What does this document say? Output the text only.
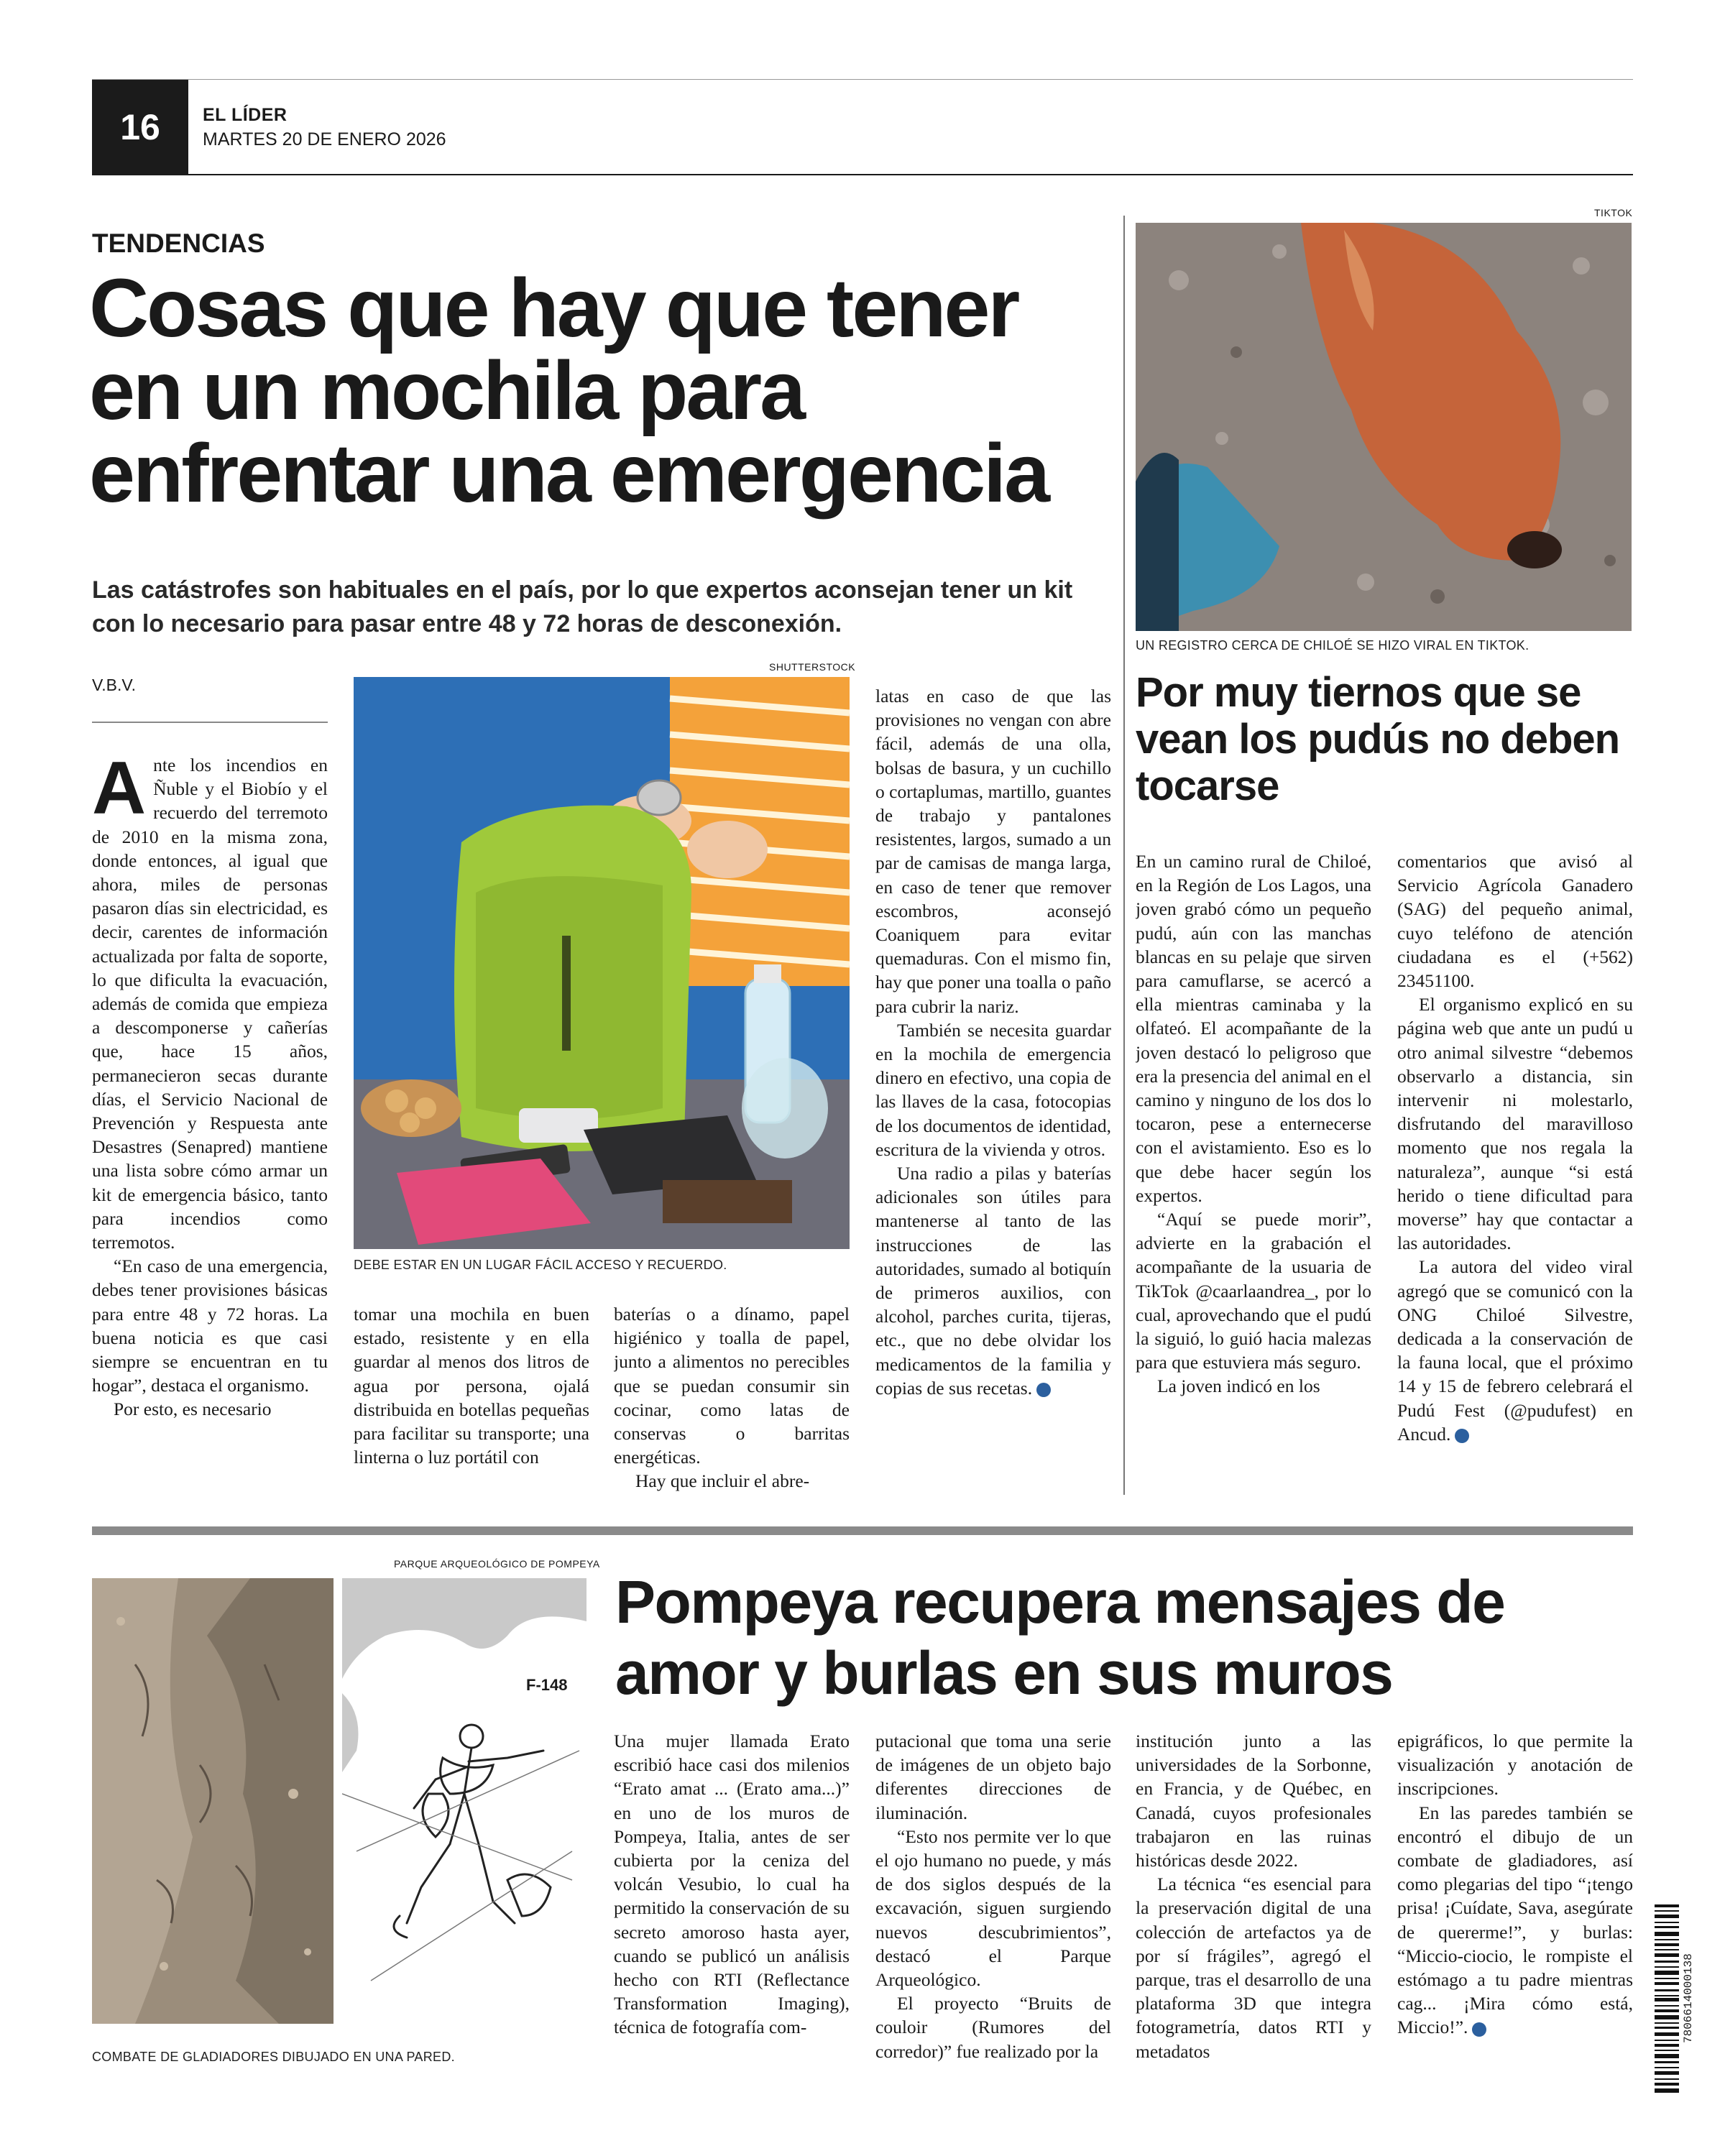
16	EL LÍDER
MARTES 20 DE ENERO 2026
TENDENCIAS
Cosas que hay que tener en un mochila para enfrentar una emergencia
Las catástrofes son habituales en el país, por lo que expertos aconsejan tener un kit con lo necesario para pasar entre 48 y 72 horas de desconexión.
V.B.V.

Ante los incendios en Ñuble y el Biobío y el recuerdo del terremoto de 2010 en la misma zona, donde entonces, al igual que ahora, miles de personas pasaron días sin electricidad, es decir, carentes de información actualizada por falta de soporte, lo que dificulta la evacuación, además de comida que empieza a descomponerse y cañerías que, hace 15 años, permanecieron secas durante días, el Servicio Nacional de Prevención y Respuesta ante Desastres (Senapred) mantiene una lista sobre cómo armar un kit de emergencia básico, tanto para incendios como terremotos.

“En caso de una emergencia, debes tener provisiones básicas para entre 48 y 72 horas. La buena noticia es que casi siempre se encuentran en tu hogar”, destaca el organismo.

Por esto, es necesario

SHUTTERSTOCK
DEBE ESTAR EN UN LUGAR FÁCIL ACCESO Y RECUERDO.

tomar una mochila en buen estado, resistente y en ella guardar al menos dos litros de agua por persona, ojalá distribuida en botellas pequeñas para facilitar su transporte; una linterna o luz portátil con

baterías o a dínamo, papel higiénico y toalla de papel, junto a alimentos no perecibles que se puedan consumir sin cocinar, como latas de conservas o barritas energéticas.

Hay que incluir el abre-

latas en caso de que las provisiones no vengan con abre fácil, además de una olla, bolsas de basura, y un cuchillo o cortaplumas, martillo, guantes de trabajo y pantalones resistentes, largos, sumado a un par de camisas de manga larga, en caso de tener que remover escombros, aconsejó Coaniquem para evitar quemaduras. Con el mismo fin, hay que poner una toalla o paño para cubrir la nariz.

También se necesita guardar en la mochila de emergencia dinero en efectivo, una copia de las llaves de la casa, fotocopias de los documentos de identidad, escritura de la vivienda y otros.

Una radio a pilas y baterías adicionales son útiles para mantenerse al tanto de las instrucciones de las autoridades, sumado al botiquín de primeros auxilios, con alcohol, parches curita, tijeras, etc., que no debe olvidar los medicamentos de la familia y copias de sus recetas.	✚

TIKTOK
UN REGISTRO CERCA DE CHILOÉ SE HIZO VIRAL EN TIKTOK.
Por muy tiernos que se vean los pudús no deben tocarse

En un camino rural de Chiloé, en la Región de Los Lagos, una joven grabó cómo un pequeño pudú, aún con las manchas blancas en su pelaje que sirven para camuflarse, se acercó a ella mientras caminaba y la olfateó. El acompañante de la joven destacó lo peligroso que era la presencia del animal en el camino y ninguno de los dos lo tocaron, pese a enternecerse con el avistamiento. Eso es lo que debe hacer según los expertos.

“Aquí se puede morir”, advierte en la grabación el acompañante de la usuaria de TikTok @caarlaandrea_, por lo cual, aprovechando que el pudú la siguió, lo guió hacia malezas para que estuviera más seguro.

La joven indicó en los

comentarios que avisó al Servicio Agrícola Ganadero (SAG) del pequeño animal, cuyo teléfono de atención ciudadana es el (+562) 23451100.

El organismo explicó en su página web que ante un pudú u otro animal silvestre “debemos observarlo a distancia, sin intervenir ni molestarlo, disfrutando del maravilloso momento que nos regala la naturaleza”, aunque “si está herido o tiene dificultad para moverse” hay que contactar a las autoridades.

La autora del video viral agregó que se comunicó con la ONG Chiloé Silvestre, dedicada a la conservación de la fauna local, que el próximo 14 y 15 de febrero celebrará el Pudú Fest (@pudufest) en Ancud.	✚

PARQUE ARQUEOLÓGICO DE POMPEYA
F-148
COMBATE DE GLADIADORES DIBUJADO EN UNA PARED.
Pompeya recupera mensajes de amor y burlas en sus muros

Una mujer llamada Erato escribió hace casi dos milenios “Erato amat ... (Erato ama...)” en uno de los muros de Pompeya, Italia, antes de ser cubierta por la ceniza del volcán Vesubio, lo cual ha permitido la conservación de su secreto amoroso hasta ayer, cuando se publicó un análisis hecho con RTI (Reflectance Transformation Imaging), técnica de fotografía com-

putacional que toma una serie de imágenes de un objeto bajo diferentes direcciones de iluminación.

“Esto nos permite ver lo que el ojo humano no puede, y más de dos siglos después de la excavación, siguen surgiendo nuevos descubrimientos”, destacó el Parque Arqueológico.

El proyecto “Bruits de couloir (Rumores del corredor)” fue realizado por la

institución junto a las universidades de la Sorbonne, en Francia, y de Québec, en Canadá, cuyos profesionales trabajaron en las ruinas históricas desde 2022.

La técnica “es esencial para la preservación digital de una colección de artefactos ya de por sí frágiles”, agregó el parque, tras el desarrollo de una plataforma 3D que integra fotogrametría, datos RTI y metadatos

epigráficos, lo que permite la visualización y anotación de inscripciones.

En las paredes también se encontró el dibujo de un combate de gladiadores, así como plegarias del tipo “¡tengo prisa! ¡Cuídate, Sava, asegúrate de quererme!”, y burlas: “Miccio-ciocio, le rompiste el estómago a tu padre mientras cag... ¡Mira cómo está, Miccio!”.	✚	7806614000138
